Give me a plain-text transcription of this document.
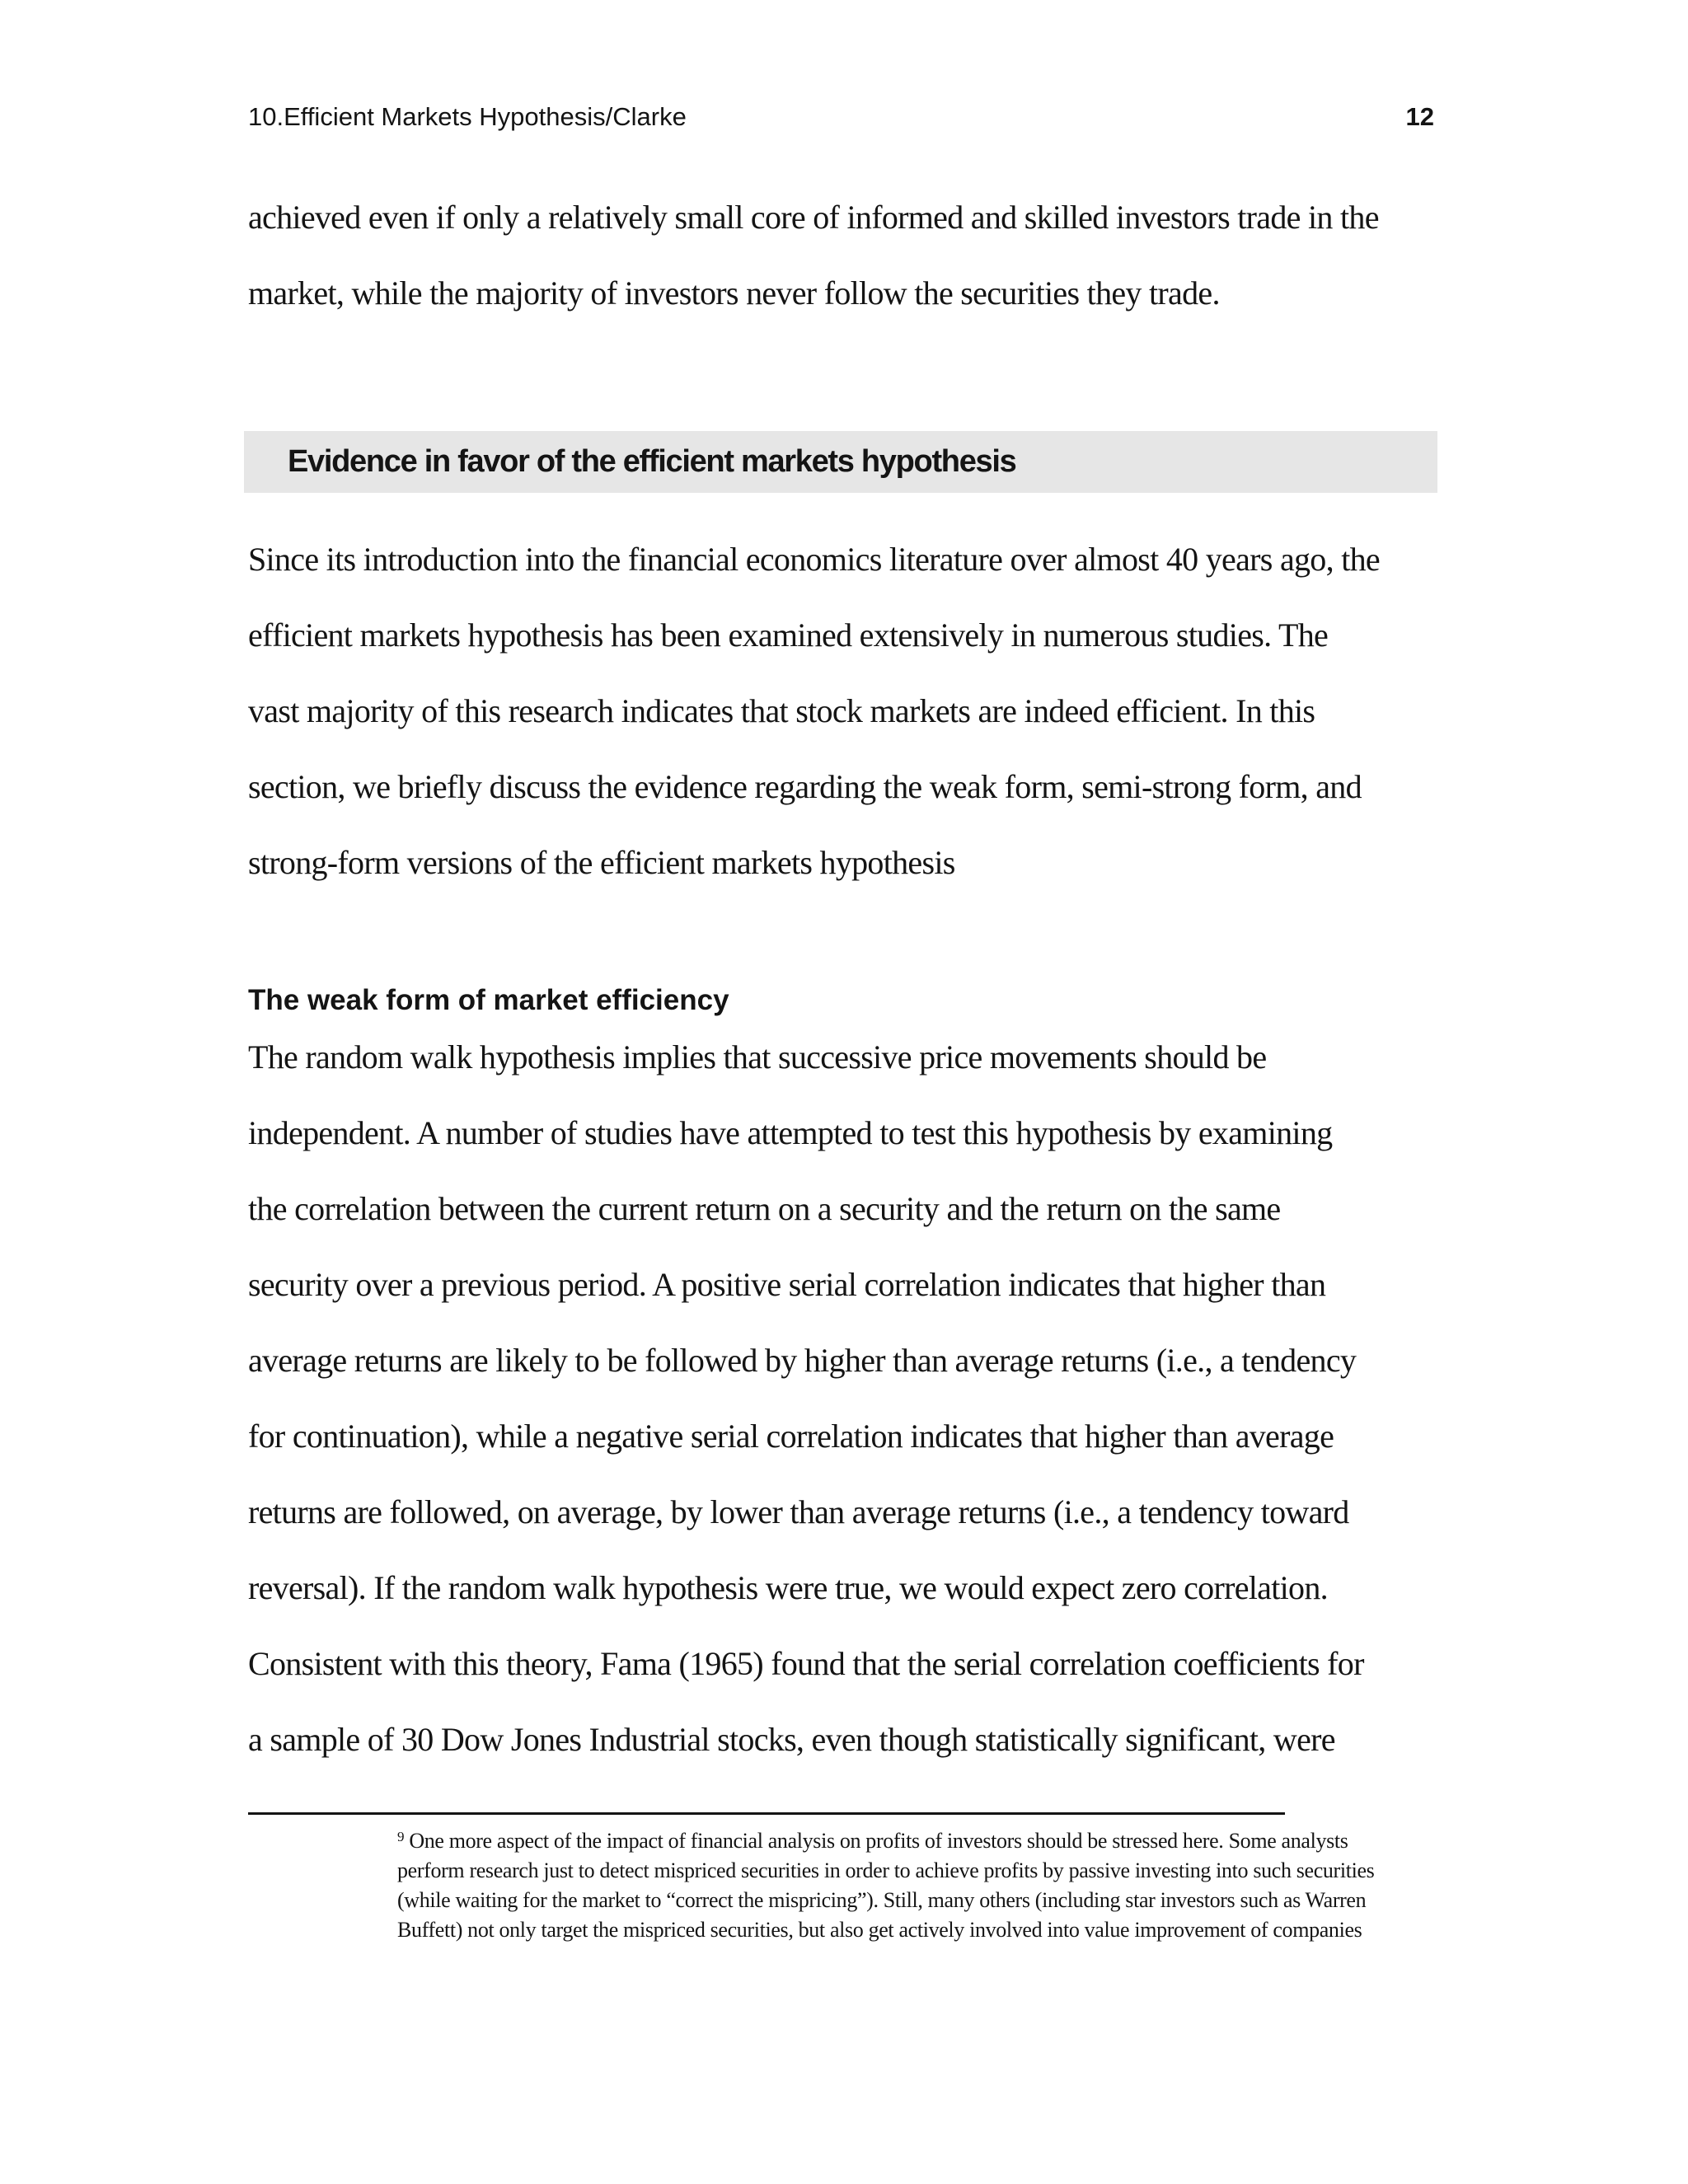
10.Efficient Markets Hypothesis/Clarke	12
achieved even if only a relatively small core of informed and skilled investors trade in the
market, while the majority of investors never follow the securities they trade.
Evidence in favor of the efficient markets hypothesis
Since its introduction into the financial economics literature over almost 40 years ago, the
efficient markets hypothesis has been examined extensively in numerous studies. The
vast majority of this research indicates that stock markets are indeed efficient. In this
section, we briefly discuss the evidence regarding the weak form, semi-strong form, and
strong-form versions of the efficient markets hypothesis
The weak form of market efficiency
The random walk hypothesis implies that successive price movements should be
independent. A number of studies have attempted to test this hypothesis by examining
the correlation between the current return on a security and the return on the same
security over a previous period. A positive serial correlation indicates that higher than
average returns are likely to be followed by higher than average returns (i.e., a tendency
for continuation), while a negative serial correlation indicates that higher than average
returns are followed, on average, by lower than average returns (i.e., a tendency toward
reversal). If the random walk hypothesis were true, we would expect zero correlation.
Consistent with this theory, Fama (1965) found that the serial correlation coefficients for
a sample of 30 Dow Jones Industrial stocks, even though statistically significant, were
$^9$ One more aspect of the impact of financial analysis on profits of investors should be stressed here. Some analysts
perform research just to detect mispriced securities in order to achieve profits by passive investing into such securities
(while waiting for the market to “correct the mispricing”). Still, many others (including star investors such as Warren
Buffett) not only target the mispriced securities, but also get actively involved into value improvement of companies
